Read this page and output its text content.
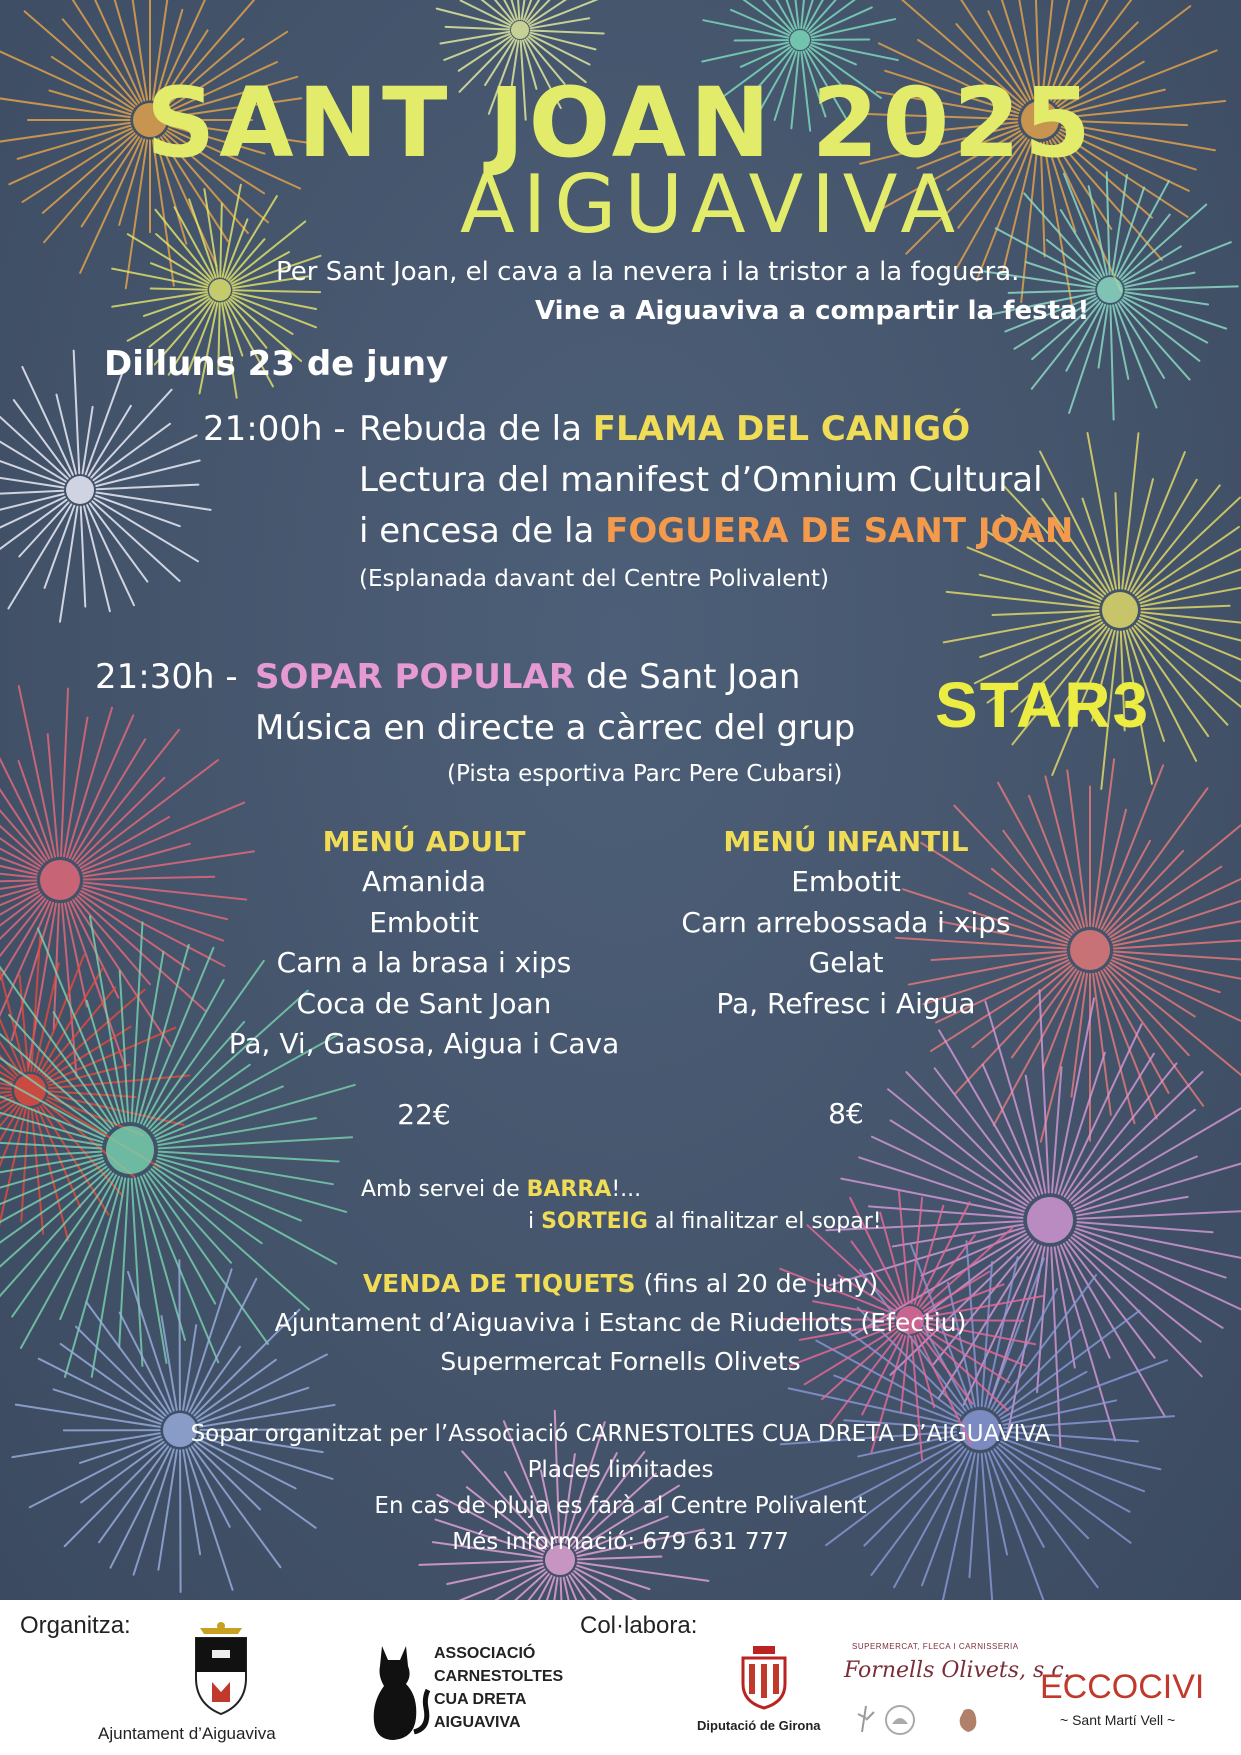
SANT JOAN 2025
AIGUAVIVA
Per Sant Joan, el cava a la nevera i la tristor a la foguera.
Vine a Aiguaviva a compartir la festa!
Dilluns 23 de juny
21:00h - Rebuda de la FLAMA DEL CANIGÓ
Lectura del manifest d’Omnium Cultural
i encesa de la FOGUERA DE SANT JOAN
(Esplanada davant del Centre Polivalent)
21:30h - SOPAR POPULAR de Sant Joan
Música en directe a càrrec del grup STAR3
(Pista esportiva Parc Pere Cubarsi)
MENÚ ADULT
Amanida
Embotit
Carn a la brasa i xips
Coca de Sant Joan
Pa, Vi, Gasosa, Aigua i Cava
22€
MENÚ INFANTIL
Embotit
Carn arrebossada i xips
Gelat
Pa, Refresc i Aigua
8€
Amb servei de BARRA!...
i SORTEIG al finalitzar el sopar!
VENDA DE TIQUETS (fins al 20 de juny)
Ajuntament d’Aiguaviva i Estanc de Riudellots (Efectiu)
Supermercat Fornells Olivets
Sopar organitzat per l’Associació CARNESTOLTES CUA DRETA D’AIGUAVIVA
Places limitades
En cas de pluja es farà al Centre Polivalent
Més informació: 679 631 777
Organitza:
Ajuntament d’Aiguaviva
ASSOCIACIÓ
CARNESTOLTES
CUA DRETA
AIGUAVIVA
Col·labora:
Diputació de Girona
SUPERMERCAT, FLECA I CARNISSERIA
Fornells Olivets, s.c.
ECCOCIVI
~ Sant Martí Vell ~
